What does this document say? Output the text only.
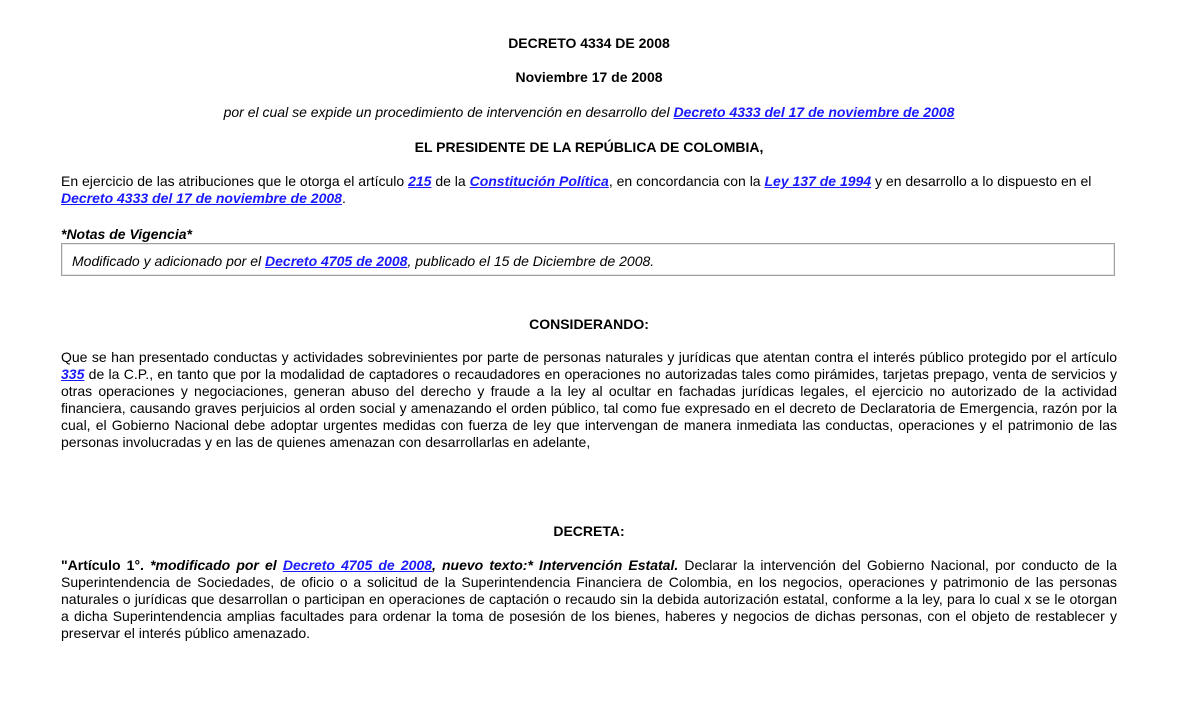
DECRETO 4334 DE 2008
Noviembre 17 de 2008
por el cual se expide un procedimiento de intervención en desarrollo del Decreto 4333 del 17 de noviembre de 2008
EL PRESIDENTE DE LA REPÚBLICA DE COLOMBIA,
En ejercicio de las atribuciones que le otorga el artículo 215 de la Constitución Política, en concordancia con la Ley 137 de 1994 y en desarrollo a lo dispuesto en el Decreto 4333 del 17 de noviembre de 2008.
*Notas de Vigencia*
Modificado y adicionado por el Decreto 4705 de 2008, publicado el 15 de Diciembre de 2008.
CONSIDERANDO:
Que se han presentado conductas y actividades sobrevinientes por parte de personas naturales y jurídicas que atentan contra el interés público protegido por el artículo 335 de la C.P., en tanto que por la modalidad de captadores o recaudadores en operaciones no autorizadas tales como pirámides, tarjetas prepago, venta de servicios y otras operaciones y negociaciones, generan abuso del derecho y fraude a la ley al ocultar en fachadas jurídicas legales, el ejercicio no autorizado de la actividad financiera, causando graves perjuicios al orden social y amenazando el orden público, tal como fue expresado en el decreto de Declaratoria de Emergencia, razón por la cual, el Gobierno Nacional debe adoptar urgentes medidas con fuerza de ley que intervengan de manera inmediata las conductas, operaciones y el patrimonio de las personas involucradas y en las de quienes amenazan con desarrollarlas en adelante,
DECRETA:
"Artículo 1°. *modificado por el Decreto 4705 de 2008, nuevo texto:* Intervención Estatal. Declarar la intervención del Gobierno Nacional, por conducto de la Superintendencia de Sociedades, de oficio o a solicitud de la Superintendencia Financiera de Colombia, en los negocios, operaciones y patrimonio de las personas naturales o jurídicas que desarrollan o participan en operaciones de captación o recaudo sin la debida autorización estatal, conforme a la ley, para lo cual x se le otorgan a dicha Superintendencia amplias facultades para ordenar la toma de posesión de los bienes, haberes y negocios de dichas personas, con el objeto de restablecer y preservar el interés público amenazado.
